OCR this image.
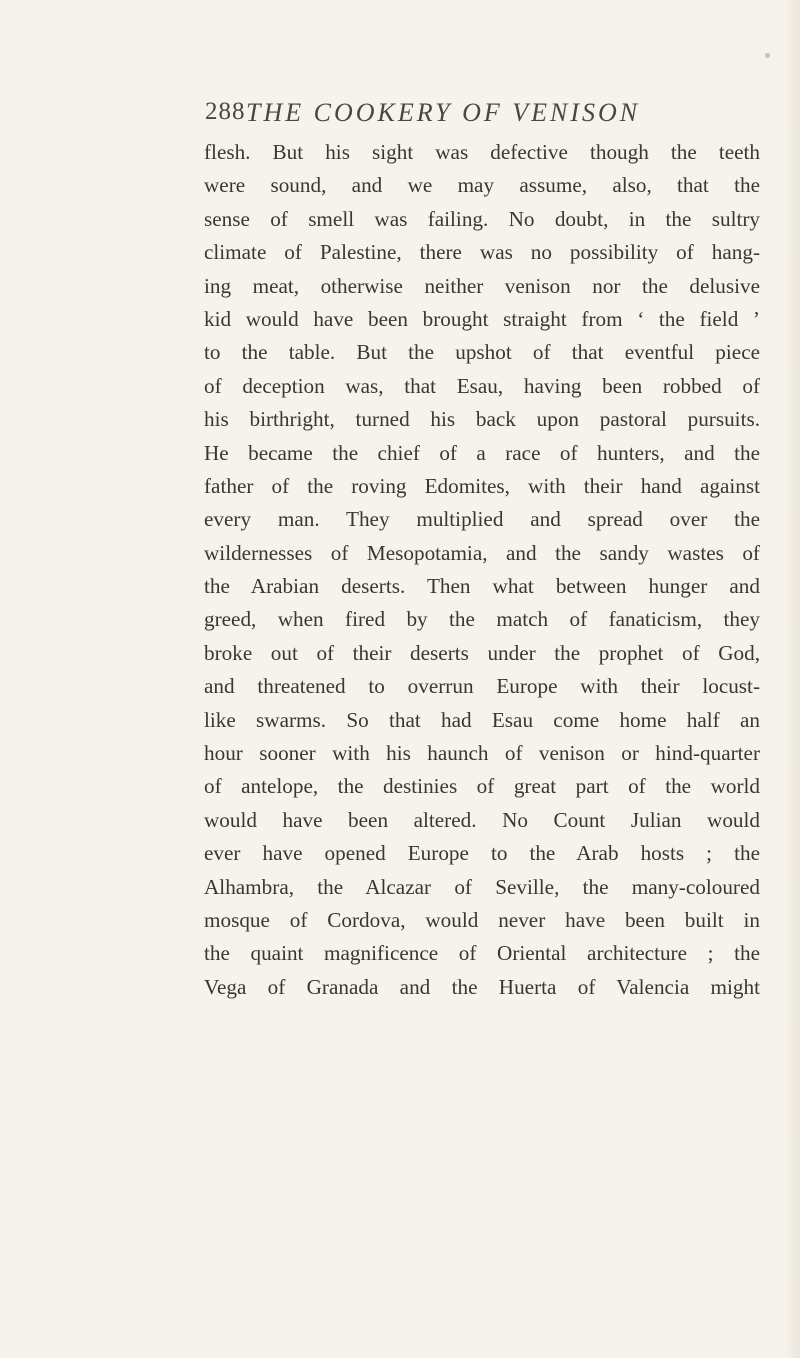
288 THE COOKERY OF VENISON
flesh. But his sight was defective though the teeth
were sound, and we may assume, also, that the
sense of smell was failing. No doubt, in the sultry
climate of Palestine, there was no possibility of hang-
ing meat, otherwise neither venison nor the delusive
kid would have been brought straight from ‘ the field ’
to the table. But the upshot of that eventful piece
of deception was, that Esau, having been robbed of
his birthright, turned his back upon pastoral pursuits.
He became the chief of a race of hunters, and the
father of the roving Edomites, with their hand against
every man. They multiplied and spread over the
wildernesses of Mesopotamia, and the sandy wastes of
the Arabian deserts. Then what between hunger and
greed, when fired by the match of fanaticism, they
broke out of their deserts under the prophet of God,
and threatened to overrun Europe with their locust-
like swarms. So that had Esau come home half an
hour sooner with his haunch of venison or hind-quarter
of antelope, the destinies of great part of the world
would have been altered. No Count Julian would
ever have opened Europe to the Arab hosts ; the
Alhambra, the Alcazar of Seville, the many-coloured
mosque of Cordova, would never have been built in
the quaint magnificence of Oriental architecture ; the
Vega of Granada and the Huerta of Valencia might
